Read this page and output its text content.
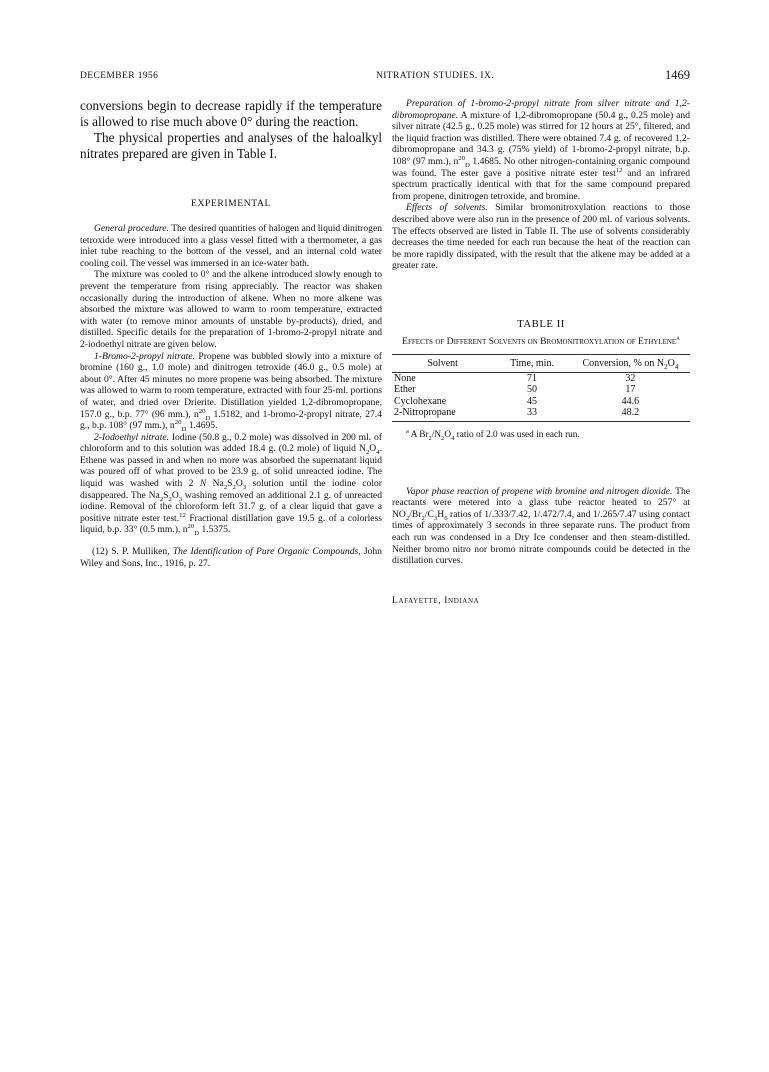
DECEMBER 1956	NITRATION STUDIES. IX.	1469

conversions begin to decrease rapidly if the temperature is allowed to rise much above 0° during the reaction.

The physical properties and analyses of the haloalkyl nitrates prepared are given in Table I.

EXPERIMENTAL

General procedure. The desired quantities of halogen and liquid dinitrogen tetroxide were introduced into a glass vessel fitted with a thermometer, a gas inlet tube reaching to the bottom of the vessel, and an internal cold water cooling coil. The vessel was immersed in an ice-water bath.

The mixture was cooled to 0° and the alkene introduced slowly enough to prevent the temperature from rising appreciably. The reactor was shaken occasionally during the introduction of alkene. When no more alkene was absorbed the mixture was allowed to warm to room temperature, extracted with water (to remove minor amounts of unstable by-products), dried, and distilled. Specific details for the preparation of 1-bromo-2-propyl nitrate and 2-iodoethyl nitrate are given below.

1-Bromo-2-propyl nitrate. Propene was bubbled slowly into a mixture of bromine (160 g., 1.0 mole) and dinitrogen tetroxide (46.0 g., 0.5 mole) at about 0°. After 45 minutes no more propene was being absorbed. The mixture was allowed to warm to room temperature, extracted with four 25-ml. portions of water, and dried over Drierite. Distillation yielded 1,2-dibromopropane, 157.0 g., b.p. 77° (96 mm.), $n^{20}_D$ 1.5182, and 1-bromo-2-propyl nitrate, 27.4 g., b.p. 108° (97 mm.), $n^{20}_D$ 1.4695.

2-Iodoethyl nitrate. Iodine (50.8 g., 0.2 mole) was dissolved in 200 ml. of chloroform and to this solution was added 18.4 g. (0.2 mole) of liquid $N_2O_4$. Ethene was passed in and when no more was absorbed the supernatant liquid was poured off of what proved to be 23.9 g. of solid unreacted iodine. The liquid was washed with 2 N $Na_2S_2O_3$ solution until the iodine color disappeared. The $Na_2S_2O_3$ washing removed an additional 2.1 g. of unreacted iodine. Removal of the chloroform left 31.7 g. of a clear liquid that gave a positive nitrate ester test.$^{12}$ Fractional distillation gave 19.5 g. of a colorless liquid, b.p. 33° (0.5 mm.), $n^{20}_D$ 1.5375.

(12) S. P. Mulliken, The Identification of Pure Organic Compounds, John Wiley and Sons, Inc., 1916, p. 27.

Preparation of 1-bromo-2-propyl nitrate from silver nitrate and 1,2-dibromopropane. A mixture of 1,2-dibromopropane (50.4 g., 0.25 mole) and silver nitrate (42.5 g., 0.25 mole) was stirred for 12 hours at 25°, filtered, and the liquid fraction was distilled. There were obtained 7.4 g. of recovered 1,2-dibromopropane and 34.3 g. (75% yield) of 1-bromo-2-propyl nitrate, b.p. 108° (97 mm.), $n^{20}_D$ 1.4685. No other nitrogen-containing organic compound was found. The ester gave a positive nitrate ester test$^{12}$ and an infrared spectrum practically identical with that for the same compound prepared from propene, dinitrogen tetroxide, and bromine.

Effects of solvents. Similar bromonitroxylation reactions to those described above were also run in the presence of 200 ml. of various solvents. The effects observed are listed in Table II. The use of solvents considerably decreases the time needed for each run because the heat of the reaction can be more rapidly dissipated, with the result that the alkene may be added at a greater rate.

TABLE II
Effects of Different Solvents on Bromonitroxylation of Ethylene$^a$
Solvent	Time, min.	Conversion, % on $N_2O_4$
None	71	32
Ether	50	17
Cyclohexane	45	44.6
2-Nitropropane	33	48.2

$^a$ A $Br_2/N_2O_4$ ratio of 2.0 was used in each run.

Vapor phase reaction of propene with bromine and nitrogen dioxide. The reactants were metered into a glass tube reactor heated to 257° at $NO_2/Br_2/C_3H_6$ ratios of 1/.333/7.42, 1/.472/7.4, and 1/.265/7.47 using contact times of approximately 3 seconds in three separate runs. The product from each run was condensed in a Dry Ice condenser and then steam-distilled. Neither bromo nitro nor bromo nitrate compounds could be detected in the distillation curves.

Lafayette, Indiana
